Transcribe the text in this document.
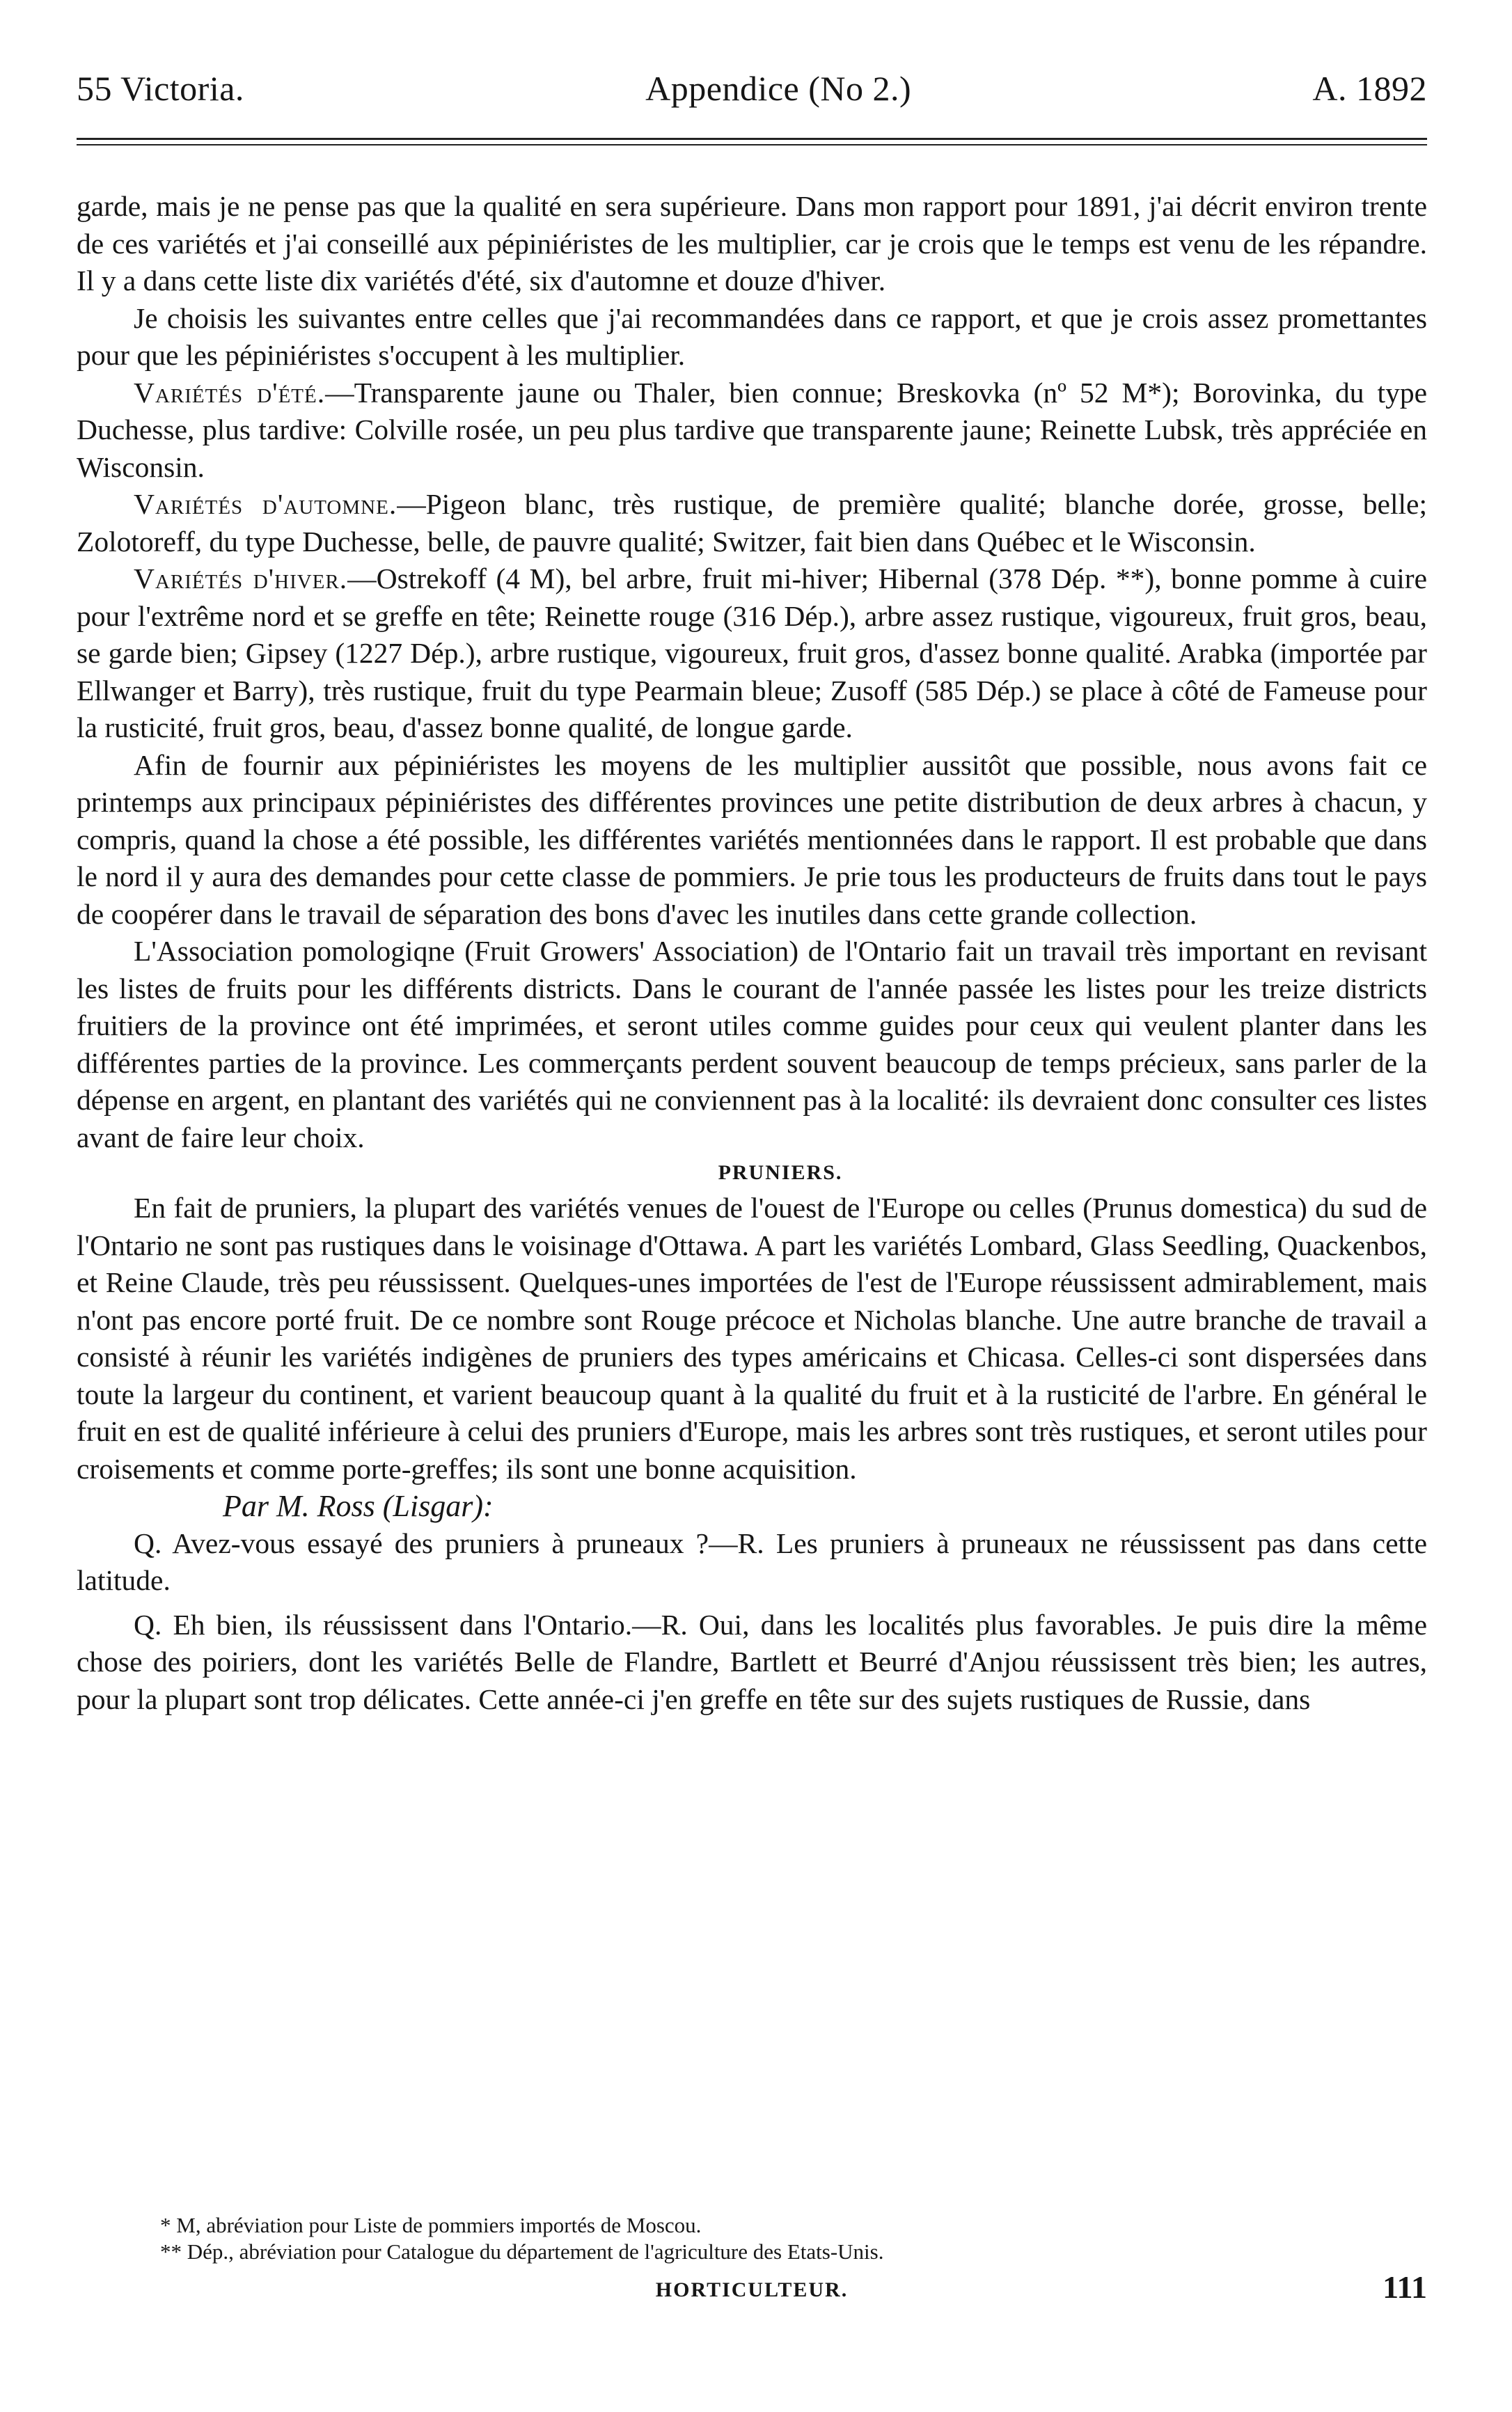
55 Victoria.	Appendice (No 2.)	A. 1892

garde, mais je ne pense pas que la qualité en sera supérieure. Dans mon rapport pour 1891, j'ai décrit environ trente de ces variétés et j'ai conseillé aux pépiniéristes de les multiplier, car je crois que le temps est venu de les répandre. Il y a dans cette liste dix variétés d'été, six d'automne et douze d'hiver.

Je choisis les suivantes entre celles que j'ai recommandées dans ce rapport, et que je crois assez promettantes pour que les pépiniéristes s'occupent à les multiplier.

Variétés d'été.—Transparente jaune ou Thaler, bien connue; Breskovka (nº 52 M*); Borovinka, du type Duchesse, plus tardive: Colville rosée, un peu plus tardive que transparente jaune; Reinette Lubsk, très appréciée en Wisconsin.

Variétés d'automne.—Pigeon blanc, très rustique, de première qualité; blanche dorée, grosse, belle; Zolotoreff, du type Duchesse, belle, de pauvre qualité; Switzer, fait bien dans Québec et le Wisconsin.

Variétés d'hiver.—Ostrekoff (4 M), bel arbre, fruit mi-hiver; Hibernal (378 Dép. **), bonne pomme à cuire pour l'extrême nord et se greffe en tête; Reinette rouge (316 Dép.), arbre assez rustique, vigoureux, fruit gros, beau, se garde bien; Gipsey (1227 Dép.), arbre rustique, vigoureux, fruit gros, d'assez bonne qualité. Arabka (importée par Ellwanger et Barry), très rustique, fruit du type Pearmain bleue; Zusoff (585 Dép.) se place à côté de Fameuse pour la rusticité, fruit gros, beau, d'assez bonne qualité, de longue garde.

Afin de fournir aux pépiniéristes les moyens de les multiplier aussitôt que possible, nous avons fait ce printemps aux principaux pépiniéristes des différentes provinces une petite distribution de deux arbres à chacun, y compris, quand la chose a été possible, les différentes variétés mentionnées dans le rapport. Il est probable que dans le nord il y aura des demandes pour cette classe de pommiers. Je prie tous les producteurs de fruits dans tout le pays de coopérer dans le travail de séparation des bons d'avec les inutiles dans cette grande collection.

L'Association pomologiqne (Fruit Growers' Association) de l'Ontario fait un travail très important en revisant les listes de fruits pour les différents districts. Dans le courant de l'année passée les listes pour les treize districts fruitiers de la province ont été imprimées, et seront utiles comme guides pour ceux qui veulent planter dans les différentes parties de la province. Les commerçants perdent souvent beaucoup de temps précieux, sans parler de la dépense en argent, en plantant des variétés qui ne conviennent pas à la localité: ils devraient donc consulter ces listes avant de faire leur choix.

PRUNIERS.

En fait de pruniers, la plupart des variétés venues de l'ouest de l'Europe ou celles (Prunus domestica) du sud de l'Ontario ne sont pas rustiques dans le voisinage d'Ottawa. A part les variétés Lombard, Glass Seedling, Quackenbos, et Reine Claude, très peu réussissent. Quelques-unes importées de l'est de l'Europe réussissent admirablement, mais n'ont pas encore porté fruit. De ce nombre sont Rouge précoce et Nicholas blanche. Une autre branche de travail a consisté à réunir les variétés indigènes de pruniers des types américains et Chicasa. Celles-ci sont dispersées dans toute la largeur du continent, et varient beaucoup quant à la qualité du fruit et à la rusticité de l'arbre. En général le fruit en est de qualité inférieure à celui des pruniers d'Europe, mais les arbres sont très rustiques, et seront utiles pour croisements et comme porte-greffes; ils sont une bonne acquisition.

Par M. Ross (Lisgar):

Q. Avez-vous essayé des pruniers à pruneaux ?—R. Les pruniers à pruneaux ne réussissent pas dans cette latitude.

Q. Eh bien, ils réussissent dans l'Ontario.—R. Oui, dans les localités plus favorables. Je puis dire la même chose des poiriers, dont les variétés Belle de Flandre, Bartlett et Beurré d'Anjou réussissent très bien; les autres, pour la plupart sont trop délicates. Cette année-ci j'en greffe en tête sur des sujets rustiques de Russie, dans

* M, abréviation pour Liste de pommiers importés de Moscou.
** Dép., abréviation pour Catalogue du département de l'agriculture des Etats-Unis.
HORTICULTEUR.	111
